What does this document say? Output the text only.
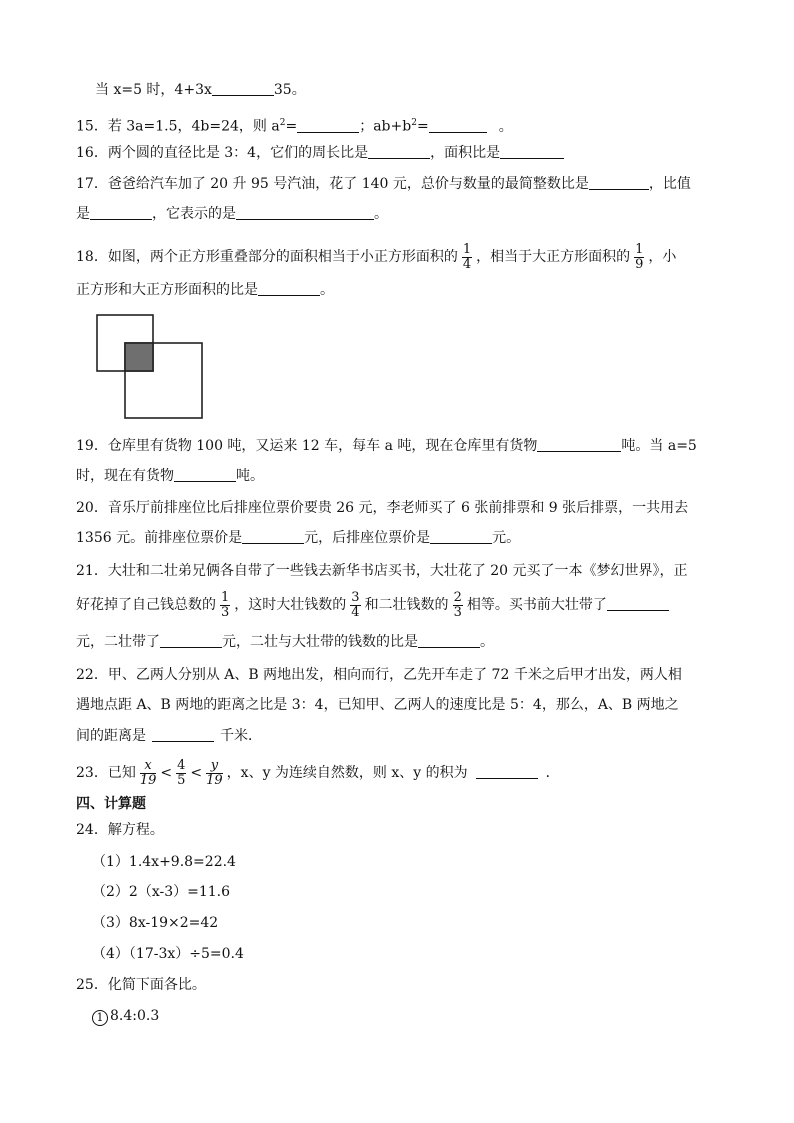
当 x=5 时，4+3x	35。
15．若 3a=1.5，4b=24，则 $a^2=$	；$ab+b^2=$	。
16．两个圆的直径比是 3：4，它们的周长比是	，面积比是
17．爸爸给汽车加了 20 升 95 号汽油，花了 140 元，总价与数量的最简整数比是	，比值
是	，它表示的是	。
18．如图，两个正方形重叠部分的面积相当于小正方形面积的 $\frac{1}{4}$ ，相当于大正方形面积的 $\frac{1}{9}$ ，小
正方形和大正方形面积的比是	。
19．仓库里有货物 100 吨，又运来 12 车，每车 a 吨，现在仓库里有货物	吨。当 a=5
时，现在有货物	吨。
20．音乐厅前排座位比后排座位票价要贵 26 元，李老师买了 6 张前排票和 9 张后排票，一共用去
1356 元。前排座位票价是	元，后排座位票价是	元。
21．大壮和二壮弟兄俩各自带了一些钱去新华书店买书，大壮花了 20 元买了一本《梦幻世界》，正
好花掉了自己钱总数的 $\frac{1}{3}$ ，这时大壮钱数的 $\frac{3}{4}$ 和二壮钱数的 $\frac{2}{3}$ 相等。买书前大壮带了
元，二壮带了	元，二壮与大壮带的钱数的比是	。
22．甲、乙两人分别从 A、B 两地出发，相向而行，乙先开车走了 72 千米之后甲才出发，两人相
遇地点距 A、B 两地的距离之比是 3：4，已知甲、乙两人的速度比是 5：4，那么，A、B 两地之
间的距离是	千米．
23．已知 $\frac{x}{19} < \frac{4}{5} < \frac{y}{19}$ ，x、y 为连续自然数，则 x、y 的积为	．
四、计算题
24．解方程。
（1）1.4x+9.8=22.4
（2）2（x-3）=11.6
（3）8x-19×2=42
（4）（17-3x）÷5=0.4
25．化简下面各比。
1 8.4:0.3
